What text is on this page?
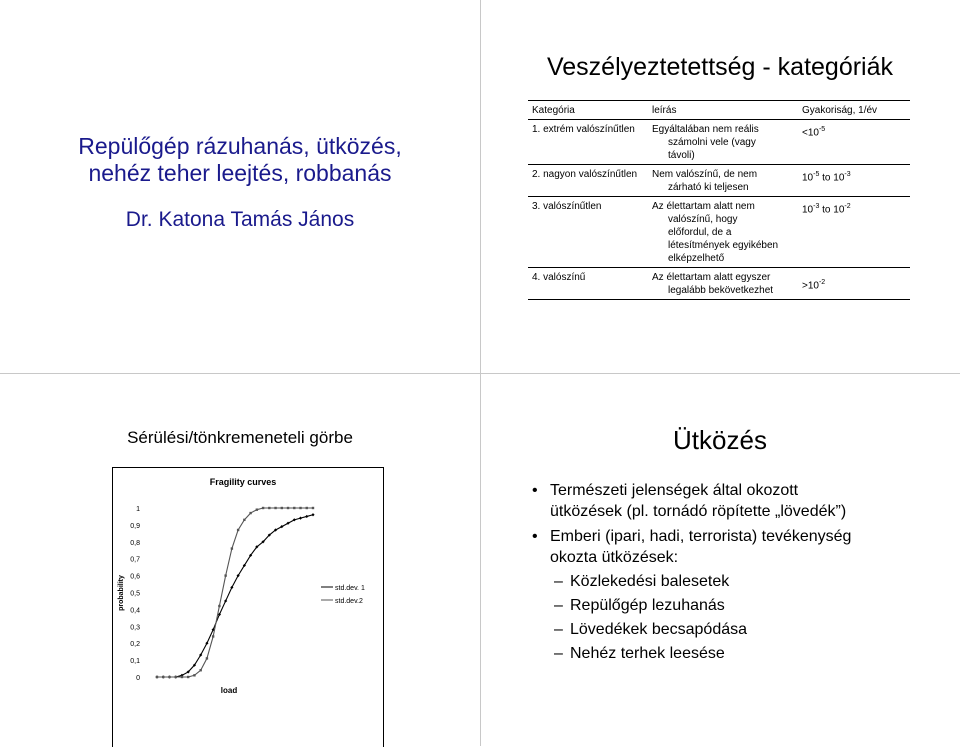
Repülőgép rázuhanás, ütközés,
nehéz teher leejtés, robbanás
Dr. Katona Tamás János
Veszélyeztetettség - kategóriák
Kategória	leírás	Gyakoriság, 1/év
1. extrém valószínűtlen	Egyáltalában nem reális
számolni vele (vagy
távoli)	$<10^{-5}$
2. nagyon valószínűtlen	Nem valószínű, de nem
zárható ki teljesen	$10^{-5}$ to $10^{-3}$
3. valószínűtlen	Az élettartam alatt nem
valószínű, hogy
előfordul, de a
létesítmények egyikében
elképzelhető	$10^{-3}$ to $10^{-2}$
4. valószínű	Az élettartam alatt egyszer
legalább bekövetkezhet	$>10^{-2}$
Sérülési/tönkremeneteli görbe
Fragility curves
0
0,1
0,2
0,3
0,4
0,5
0,6
0,7
0,8
0,9
1
probability
load
std.dev. 1
std.dev.2
Ütközés
• Természeti jelenségek által okozott
ütközések (pl. tornádó röpítette „lövedék”)
• Emberi (ipari, hadi, terrorista) tevékenység
okozta ütközések:
– Közlekedési balesetek
– Repülőgép lezuhanás
– Lövedékek becsapódása
– Nehéz terhek leesése
